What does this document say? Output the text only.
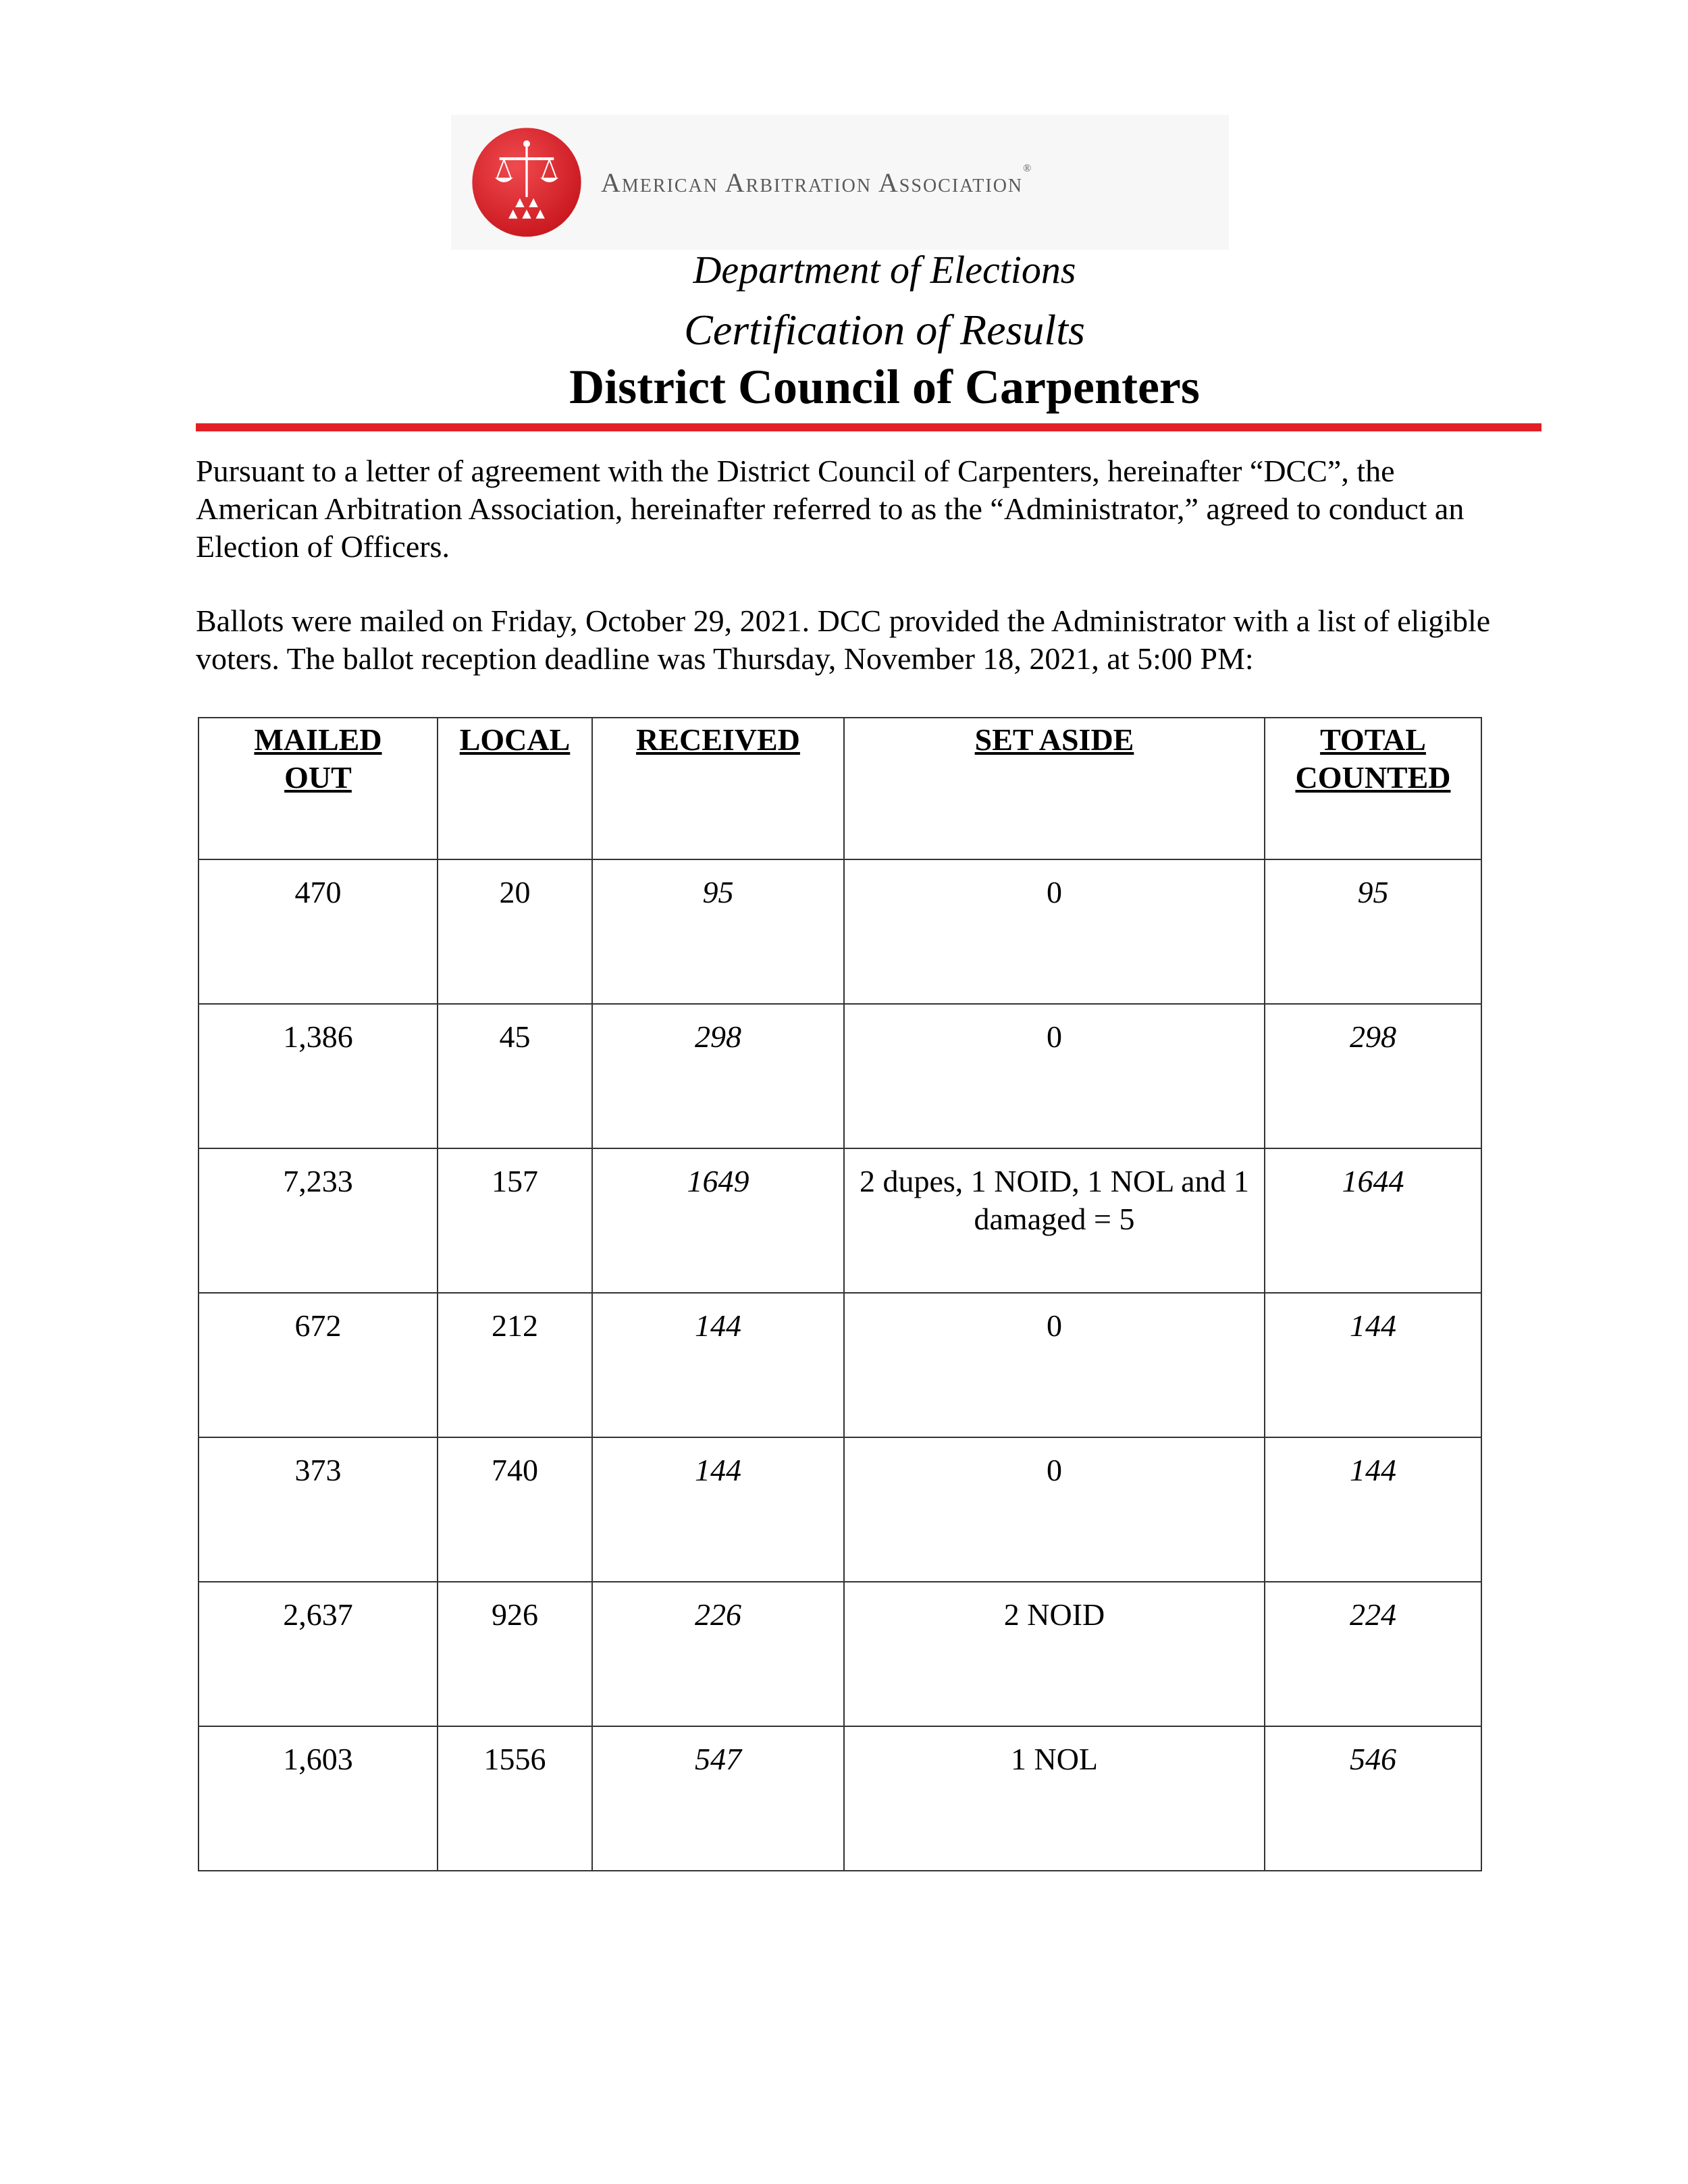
American Arbitration Association®
Department of Elections
Certification of Results
District Council of Carpenters
Pursuant to a letter of agreement with the District Council of Carpenters, hereinafter “DCC”, the American Arbitration Association, hereinafter referred to as the “Administrator,” agreed to conduct an Election of Officers.
Ballots were mailed on Friday, October 29, 2021. DCC provided the Administrator with a list of eligible voters. The ballot reception deadline was Thursday, November 18, 2021, at 5:00 PM:
MAILED OUT	LOCAL	RECEIVED	SET ASIDE	TOTAL COUNTED

470	20	95	0	95
1,386	45	298	0	298
7,233	157	1649	2 dupes, 1 NOID, 1 NOL and 1 damaged = 5	1644
672	212	144	0	144
373	740	144	0	144
2,637	926	226	2 NOID	224
1,603	1556	547	1 NOL	546
